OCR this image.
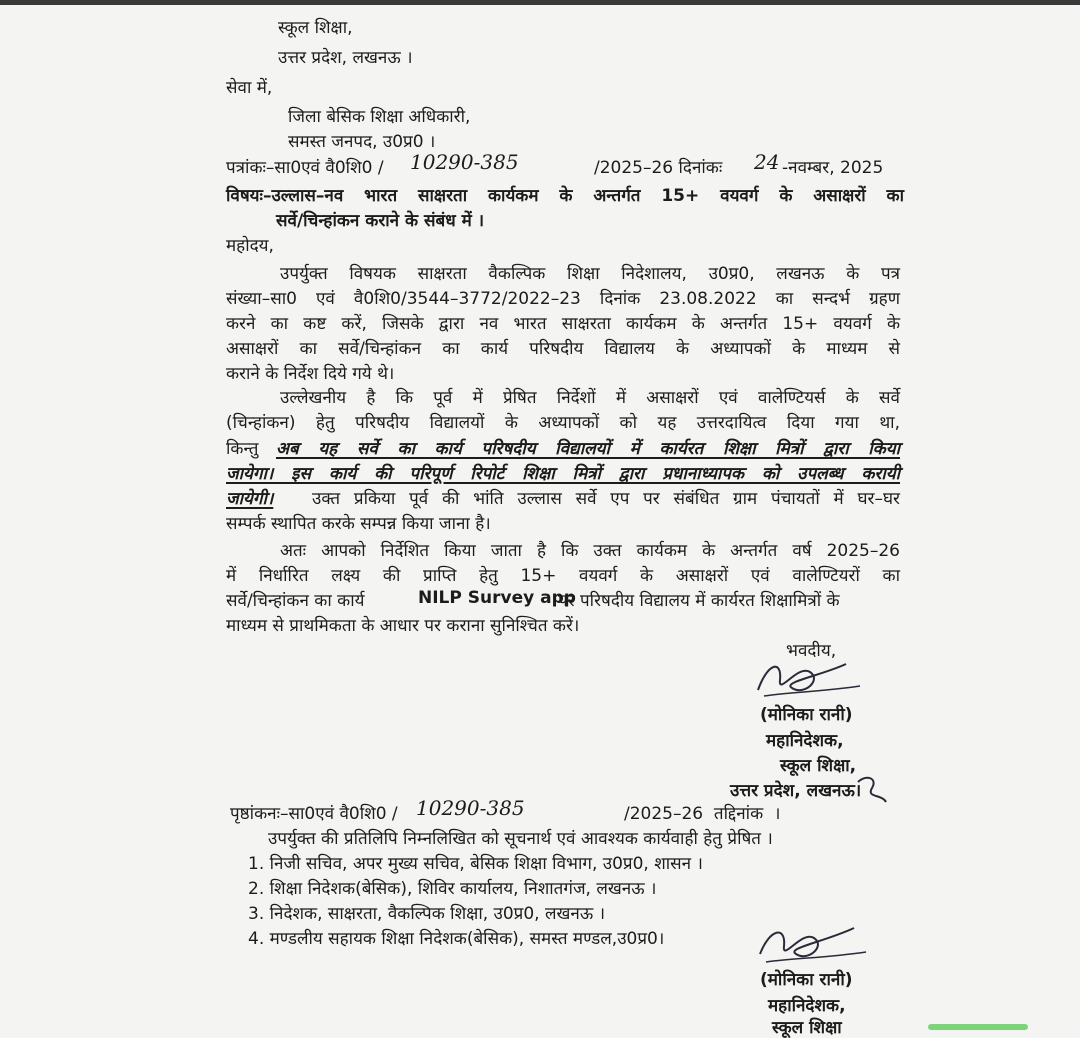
स्कूल शिक्षा,
उत्तर प्रदेश, लखनऊ ।
सेवा में,
जिला बेसिक शिक्षा अधिकारी,
समस्त जनपद, उ0प्र0 ।
पत्रांकः–सा0एवं वै0शि0 / 10290-385	/2025–26 दिनांकः 24 -नवम्बर, 2025
विषयः–उल्लास–नव भारत साक्षरता कार्यकम के अन्तर्गत 15+ वयवर्ग के असाक्षरों का
सर्वे/चिन्हांकन कराने के संबंध में ।
महोदय,
उपर्युक्त विषयक साक्षरता वैकल्पिक शिक्षा निदेशालय, उ0प्र0, लखनऊ के पत्र
संख्या–सा0 एवं वै0शि0/3544–3772/2022–23 दिनांक 23.08.2022 का सन्दर्भ ग्रहण
करने का कष्ट करें, जिसके द्वारा नव भारत साक्षरता कार्यकम के अन्तर्गत 15+ वयवर्ग के
असाक्षरों का सर्वे/चिन्हांकन का कार्य परिषदीय विद्यालय के अध्यापकों के माध्यम से
कराने के निर्देश दिये गये थे।
उल्लेखनीय है कि पूर्व में प्रेषित निर्देशों में असाक्षरों एवं वालेण्टियर्स के सर्वे
(चिन्हांकन) हेतु परिषदीय विद्यालयों के अध्यापकों को यह उत्तरदायित्व दिया गया था,
किन्तु अब यह सर्वे का कार्य परिषदीय विद्यालयों में कार्यरत शिक्षा मित्रों द्वारा किया
जायेगा। इस कार्य की परिपूर्ण रिपोर्ट शिक्षा मित्रों द्वारा प्रधानाध्यापक को उपलब्ध करायी
जायेगी। उक्त प्रकिया पूर्व की भांति उल्लास सर्वे एप पर संबंधित ग्राम पंचायतों में घर–घर
सम्पर्क स्थापित करके सम्पन्न किया जाना है।
अतः आपको निर्देशित किया जाता है कि उक्त कार्यकम के अन्तर्गत वर्ष 2025–26
में निर्धारित लक्ष्य की प्राप्ति हेतु 15+ वयवर्ग के असाक्षरों एवं वालेण्टियरों का
सर्वे/चिन्हांकन का कार्य	NILP Survey app
पर परिषदीय विद्यालय में कार्यरत शिक्षामित्रों के
माध्यम से प्राथमिकता के आधार पर कराना सुनिश्चित करें।
भवदीय,
(मोनिका रानी)
महानिदेशक,
स्कूल शिक्षा,
उत्तर प्रदेश, लखनऊ।
पृष्ठांकनः–सा0एवं वै0शि0 / 10290-385	/2025–26  तद्दिनांक  ।
उपर्युक्त की प्रतिलिपि निम्नलिखित को सूचनार्थ एवं आवश्यक कार्यवाही हेतु प्रेषित ।
1. निजी सचिव, अपर मुख्य सचिव, बेसिक शिक्षा विभाग, उ0प्र0, शासन ।
2. शिक्षा निदेशक(बेसिक), शिविर कार्यालय, निशातगंज, लखनऊ ।
3. निदेशक, साक्षरता, वैकल्पिक शिक्षा, उ0प्र0, लखनऊ ।
4. मण्डलीय सहायक शिक्षा निदेशक(बेसिक), समस्त मण्डल,उ0प्र0।
(मोनिका रानी)
महानिदेशक,
स्कूल शिक्षा
